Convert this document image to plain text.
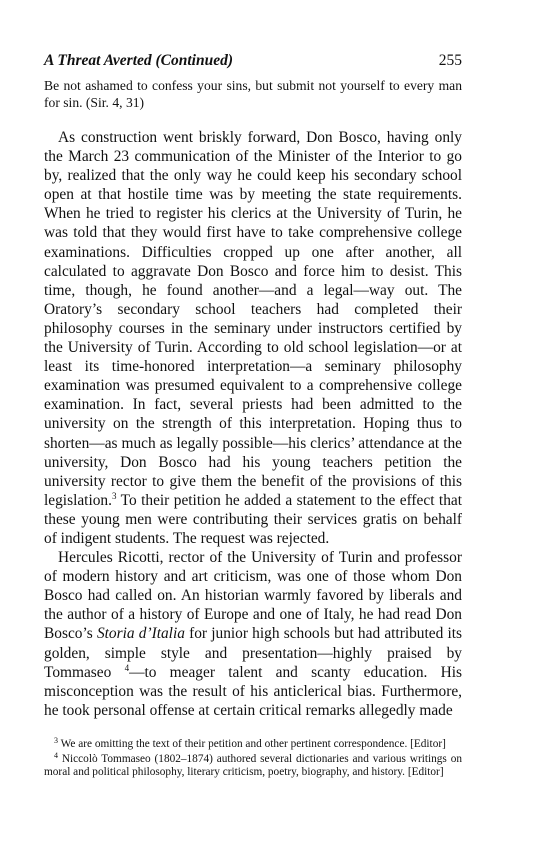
A Threat Averted (Continued)	255
Be not ashamed to confess your sins, but submit not yourself to every man for sin. (Sir. 4, 31)

As construction went briskly forward, Don Bosco, having only the March 23 communication of the Minister of the Interior to go by, realized that the only way he could keep his secondary school open at that hostile time was by meeting the state requirements. When he tried to register his clerics at the University of Turin, he was told that they would first have to take comprehensive college examinations. Difficulties cropped up one after another, all calculated to aggravate Don Bosco and force him to desist. This time, though, he found another—and a legal—way out. The Oratory’s secondary school teachers had completed their philosophy courses in the seminary under instructors certified by the University of Turin. According to old school legislation—or at least its time-honored interpretation—a seminary philosophy examination was presumed equivalent to a comprehensive college examination. In fact, several priests had been admitted to the university on the strength of this interpretation. Hoping thus to shorten—as much as legally possible—his clerics’ attendance at the university, Don Bosco had his young teachers petition the university rector to give them the benefit of the provisions of this legislation.$^3$ To their petition he added a statement to the effect that these young men were contributing their services gratis on behalf of indigent students. The request was rejected.

Hercules Ricotti, rector of the University of Turin and professor of modern history and art criticism, was one of those whom Don Bosco had called on. An historian warmly favored by liberals and the author of a history of Europe and one of Italy, he had read Don Bosco’s Storia d’Italia for junior high schools but had attributed its golden, simple style and presentation—highly praised by Tommaseo $^4$—to meager talent and scanty education. His misconception was the result of his anticlerical bias. Furthermore, he took personal offense at certain critical remarks allegedly made

$^3$ We are omitting the text of their petition and other pertinent correspondence. [Editor]

$^4$ Niccolò Tommaseo (1802–1874) authored several dictionaries and various writings on moral and political philosophy, literary criticism, poetry, biography, and history. [Editor]
